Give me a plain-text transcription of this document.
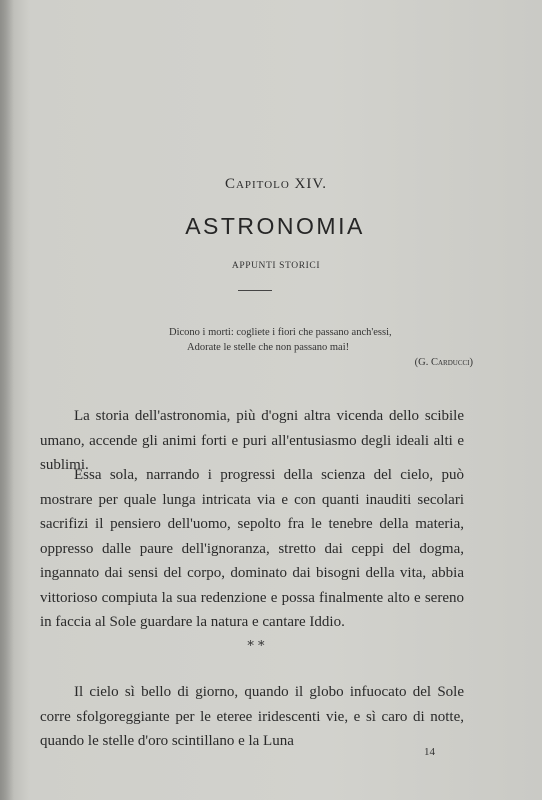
Capitolo XIV.
ASTRONOMIA
APPUNTI STORICI
Dicono i morti: cogliete i fiori che passano anch'essi,
Adorate le stelle che non passano mai!
(G. Carducci)

La storia dell'astronomia, più d'ogni altra vicenda dello scibile umano, accende gli animi forti e puri all'entusiasmo degli ideali alti e sublimi.

Essa sola, narrando i progressi della scienza del cielo, può mostrare per quale lunga intricata via e con quanti inauditi secolari sacrifizi il pensiero dell'uomo, sepolto fra le tenebre della materia, oppresso dalle paure dell'ignoranza, stretto dai ceppi del dogma, ingannato dai sensi del corpo, dominato dai bisogni della vita, abbia vittorioso compiuta la sua redenzione e possa finalmente alto e sereno in faccia al Sole guardare la natura e cantare Iddio.

* *

Il cielo sì bello di giorno, quando il globo infuocato del Sole corre sfolgoreggiante per le eteree iridescenti vie, e sì caro di notte, quando le stelle d'oro scintillano e la Luna

14
